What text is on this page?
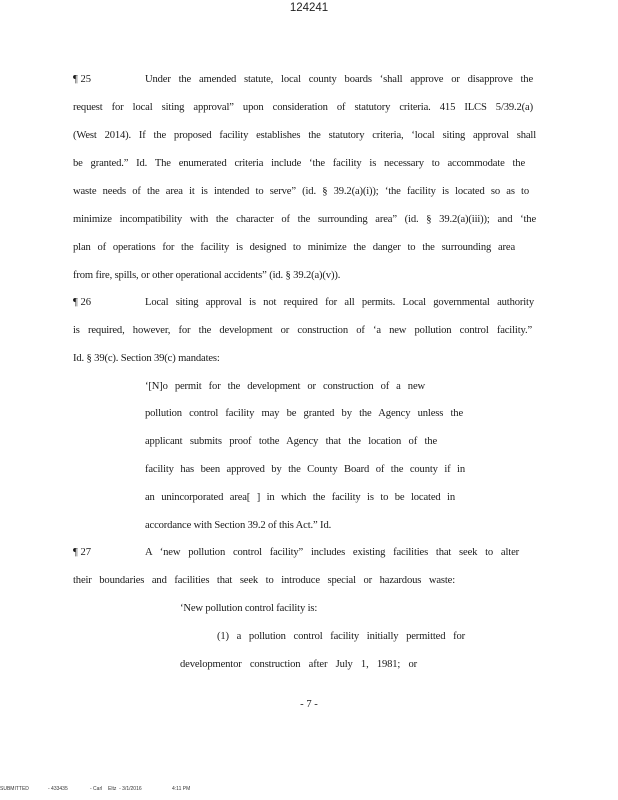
124241
¶ 25	Under the amended statute, local county boards ‘shall approve or disapprove the
request for local siting approval” upon consideration of statutory criteria. 415 ILCS 5/39.2(a)
(West 2014). If the proposed facility establishes the statutory criteria, ‘local siting approval shall
be granted.” Id. The enumerated criteria include ‘the facility is necessary to accommodate the
waste needs of the area it is intended to serve” (id. § 39.2(a)(i)); ‘the facility is located so as to
minimize incompatibility with the character of the surrounding area” (id. § 39.2(a)(iii)); and ‘the
plan of operations for the facility is designed to minimize the danger to the surrounding area
from fire, spills, or other operational accidents” (id. § 39.2(a)(v)).
¶ 26	Local siting approval is not required for all permits. Local governmental authority
is required, however, for the development or construction of ‘a new pollution control facility.”
Id. § 39(c). Section 39(c) mandates:
‘[N]o permit for the development or construction of a new
pollution control facility may be granted by the Agency unless the
applicant submits proof tothe Agency that the location of the
facility has been approved by the County Board of the county if in
an unincorporated area[ ] in which the facility is to be located in
accordance with Section 39.2 of this Act.” Id.
¶ 27	A ‘new pollution control facility” includes existing facilities that seek to alter
their boundaries and facilities that seek to introduce special or hazardous waste:
‘New pollution control facility is:
(1) a pollution control facility initially permitted for
developmentor construction after July 1, 1981; or
- 7 -
SUBMITTED	- 433435	- Carl Eltz  - 3/1/2016	4:11 PM
